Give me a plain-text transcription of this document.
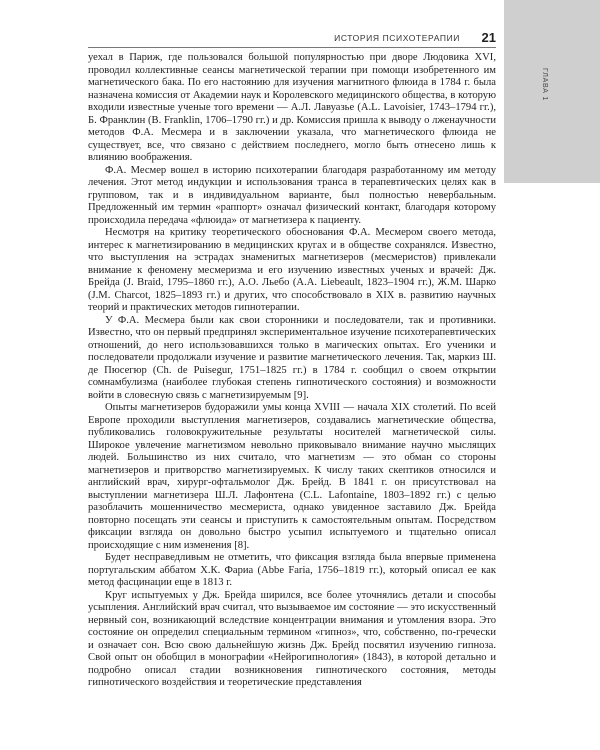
ГЛАВА 1
ИСТОРИЯ ПСИХОТЕРАПИИ 21

уехал в Париж, где пользовался большой популярностью при дворе Людовика XVI, проводил коллективные сеансы магнетической терапии при помощи изобретенного им магнетического бака. По его настоянию для изучения магнитного флюида в 1784 г. была назначена комиссия от Академии наук и Королевского медицинского общества, в которую входили известные ученые того времени — А.Л. Лавуазье (A.L. Lavoisier, 1743–1794 гг.), Б. Франклин (B. Franklin, 1706–1790 гг.) и др. Комиссия пришла к выводу о лженаучности методов Ф.А. Месмера и в заключении указала, что магнетического флюида не существует, все, что связано с действием последнего, могло быть отнесено лишь к влиянию воображения.

Ф.А. Месмер вошел в историю психотерапии благодаря разработанному им методу лечения. Этот метод индукции и использования транса в терапевтических целях как в групповом, так и в индивидуальном варианте, был полностью невербальным. Предложенный им термин «раппорт» означал физический контакт, благодаря которому происходила передача «флюида» от магнетизера к пациенту.

Несмотря на критику теоретического обоснования Ф.А. Месмером своего метода, интерес к магнетизированию в медицинских кругах и в обществе сохранялся. Известно, что выступления на эстрадах знаменитых магнетизеров (месмеристов) привлекали внимание к феномену месмеризма и его изучению известных ученых и врачей: Дж. Брейда (J. Braid, 1795–1860 гг.), А.О. Льебо (A.A. Liebeault, 1823–1904 гг.), Ж.М. Шарко (J.M. Charcot, 1825–1893 гг.) и других, что способствовало в XIX в. развитию научных теорий и практических методов гипнотерапии.

У Ф.А. Месмера были как свои сторонники и последователи, так и противники. Известно, что он первый предпринял экспериментальное изучение психотерапевтических отношений, до него использовавшихся только в магических опытах. Его ученики и последователи продолжали изучение и развитие магнетического лечения. Так, маркиз Ш. де Пюсегюр (Ch. de Puisegur, 1751–1825 гг.) в 1784 г. сообщил о своем открытии сомнамбулизма (наиболее глубокая степень гипнотического состояния) и возможности войти в словесную связь с магнетизируемым [9].

Опыты магнетизеров будоражили умы конца XVIII — начала XIX столетий. По всей Европе проходили выступления магнетизеров, создавались магнетические общества, публиковались головокружительные результаты носителей магнетической силы. Широкое увлечение магнетизмом невольно приковывало внимание научно мыслящих людей. Большинство из них считало, что магнетизм — это обман со стороны магнетизеров и притворство магнетизируемых. К числу таких скептиков относился и английский врач, хирург-офтальмолог Дж. Брейд. В 1841 г. он присутствовал на выступлении магнетизера Ш.Л. Лафонтена (C.L. Lafontaine, 1803–1892 гг.) с целью разоблачить мошенничество месмериста, однако увиденное заставило Дж. Брейда повторно посещать эти сеансы и приступить к самостоятельным опытам. Посредством фиксации взгляда он довольно быстро усыпил испытуемого и тщательно описал происходящие с ним изменения [8].

Будет несправедливым не отметить, что фиксация взгляда была впервые применена португальским аббатом Х.К. Фариа (Abbe Faria, 1756–1819 гг.), который описал ее как метод фасцинации еще в 1813 г.

Круг испытуемых у Дж. Брейда ширился, все более уточнялись детали и способы усыпления. Английский врач считал, что вызываемое им состояние — это искусственный нервный сон, возникающий вследствие концентрации внимания и утомления взора. Это состояние он определил специальным термином «гипноз», что, собственно, по-гречески и означает сон. Всю свою дальнейшую жизнь Дж. Брейд посвятил изучению гипноза. Свой опыт он обобщил в монографии «Нейрогипнология» (1843), в которой детально и подробно описал стадии возникновения гипнотического состояния, методы гипнотического воздействия и теоретические представления
